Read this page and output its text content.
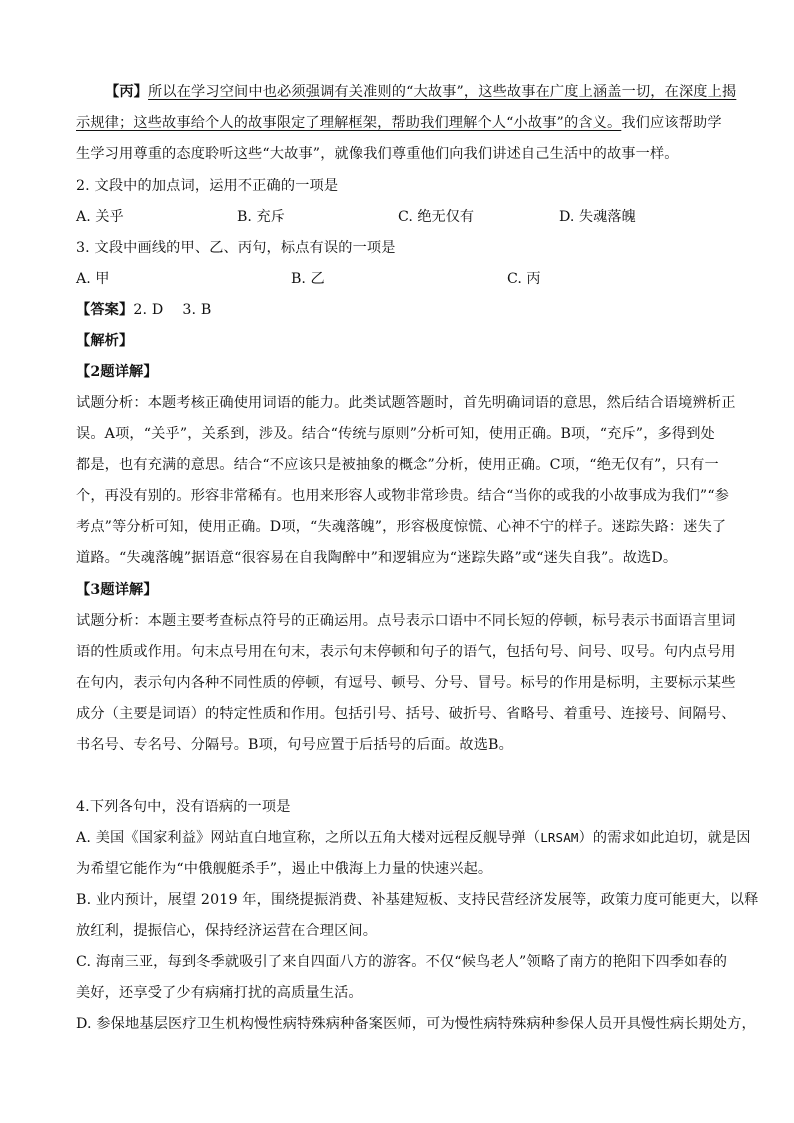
【丙】所以在学习空间中也必须强调有关准则的“大故事”，这些故事在广度上涵盖一切，在深度上揭
示规律；这些故事给个人的故事限定了理解框架，帮助我们理解个人“小故事”的含义。我们应该帮助学
生学习用尊重的态度聆听这些“大故事”，就像我们尊重他们向我们讲述自己生活中的故事一样。
2. 文段中的加点词，运用不正确的一项是
A. 关乎	B. 充斥	C. 绝无仅有	D. 失魂落魄
3. 文段中画线的甲、乙、丙句，标点有误的一项是
A. 甲	B. 乙	C. 丙
【答案】2. D　 3. B
【解析】
【2题详解】
试题分析：本题考核正确使用词语的能力。此类试题答题时，首先明确词语的意思，然后结合语境辨析正
误。A项，“关乎”，关系到，涉及。结合“传统与原则”分析可知，使用正确。B项，“充斥”，多得到处
都是，也有充满的意思。结合“不应该只是被抽象的概念”分析，使用正确。C项，“绝无仅有”，只有一
个，再没有别的。形容非常稀有。也用来形容人或物非常珍贵。结合“当你的或我的小故事成为我们”“参
考点”等分析可知，使用正确。D项，“失魂落魄”，形容极度惊慌、心神不宁的样子。迷踪失路：迷失了
道路。“失魂落魄”据语意“很容易在自我陶醉中”和逻辑应为“迷踪失路”或“迷失自我”。故选D。
【3题详解】
试题分析：本题主要考查标点符号的正确运用。点号表示口语中不同长短的停顿，标号表示书面语言里词
语的性质或作用。句末点号用在句末，表示句末停顿和句子的语气，包括句号、问号、叹号。句内点号用
在句内，表示句内各种不同性质的停顿，有逗号、顿号、分号、冒号。标号的作用是标明，主要标示某些
成分（主要是词语）的特定性质和作用。包括引号、括号、破折号、省略号、着重号、连接号、间隔号、
书名号、专名号、分隔号。B项，句号应置于后括号的后面。故选B。
4.下列各句中，没有语病的一项是
A. 美国《国家利益》网站直白地宣称，之所以五角大楼对远程反舰导弹（LRSAM）的需求如此迫切，就是因
为希望它能作为“中俄舰艇杀手”，遏止中俄海上力量的快速兴起。
B. 业内预计，展望 2019 年，围绕提振消费、补基建短板、支持民营经济发展等，政策力度可能更大，以释
放红利，提振信心，保持经济运营在合理区间。
C. 海南三亚，每到冬季就吸引了来自四面八方的游客。不仅“候鸟老人”领略了南方的艳阳下四季如春的
美好，还享受了少有病痛打扰的高质量生活。
D. 参保地基层医疗卫生机构慢性病特殊病种备案医师，可为慢性病特殊病种参保人员开具慢性病长期处方，
